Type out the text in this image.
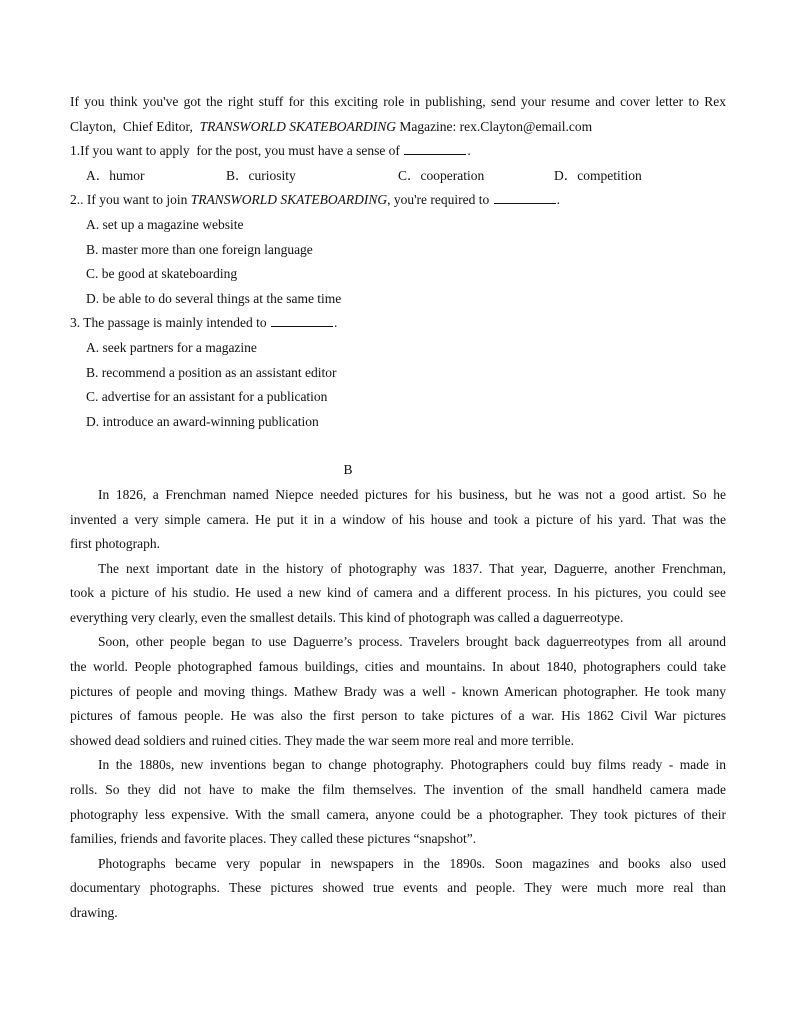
If you think you've got the right stuff for this exciting role in publishing, send your resume and cover letter to Rex
Clayton,  Chief Editor,  TRANSWORLD SKATEBOARDING Magazine: rex.Clayton@email.com
1.If you want to apply  for the post, you must have a sense of	.
A．humor	B．curiosity	C．cooperation	D．competition
2.. If you want to join TRANSWORLD SKATEBOARDING, you're required to	.
A. set up a magazine website
B. master more than one foreign language
C. be good at skateboarding
D. be able to do several things at the same time
3. The passage is mainly intended to	.
A. seek partners for a magazine
B. recommend a position as an assistant editor
C. advertise for an assistant for a publication
D. introduce an award-winning publication
B

In 1826, a Frenchman named Niepce needed pictures for his business, but he was not a good artist. So he
invented a very simple camera. He put it in a window of his house and took a picture of his yard. That was the
first photograph.

The next important date in the history of photography was 1837. That year, Daguerre, another Frenchman,
took a picture of his studio. He used a new kind of camera and a different process. In his pictures, you could see
everything very clearly, even the smallest details. This kind of photograph was called a daguerreotype.

Soon, other people began to use Daguerre’s process. Travelers brought back daguerreotypes from all around
the world. People photographed famous buildings, cities and mountains. In about 1840, photographers could take
pictures of people and moving things. Mathew Brady was a well - known American photographer. He took many
pictures of famous people. He was also the first person to take pictures of a war. His 1862 Civil War pictures
showed dead soldiers and ruined cities. They made the war seem more real and more terrible.

In the 1880s, new inventions began to change photography. Photographers could buy films ready - made in
rolls. So they did not have to make the film themselves. The invention of the small handheld camera made
photography less expensive. With the small camera, anyone could be a photographer. They took pictures of their
families, friends and favorite places. They called these pictures “snapshot”.

Photographs became very popular in newspapers in the 1890s. Soon magazines and books also used
documentary photographs. These pictures showed true events and people. They were much more real than
drawing.
